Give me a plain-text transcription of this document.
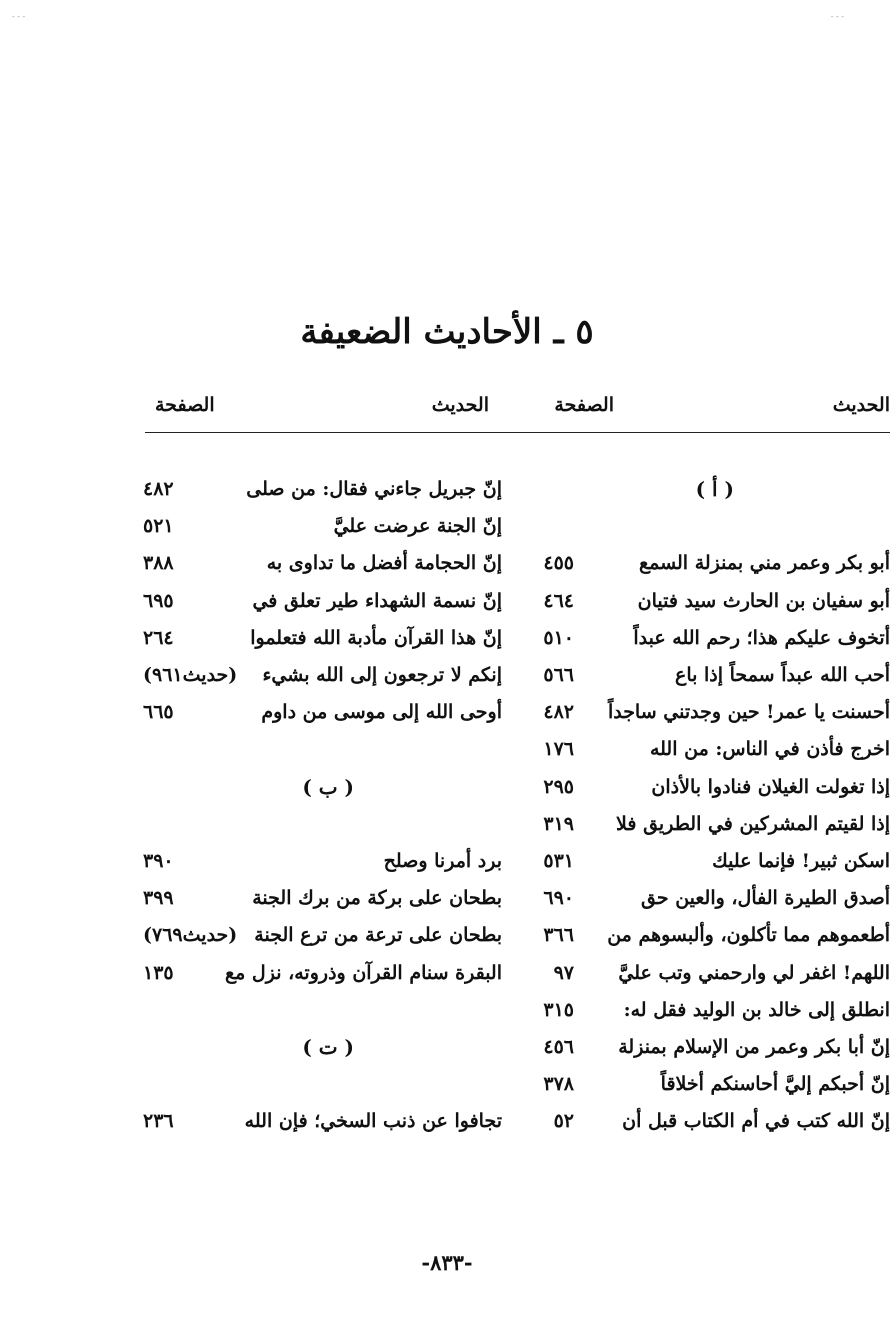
- - -	- - -
٥ ـ الأحاديث الضعيفة
الحديث
الصفحة
الحديث
الصفحة
( أ )
أبو بكر وعمر مني بمنزلة السمع
٤٥٥
أبو سفيان بن الحارث سيد فتيان
٤٦٤
أتخوف عليكم هذا؛ رحم الله عبداً
٥١٠
أحب الله عبداً سمحاً إذا باع
٥٦٦
أحسنت يا عمر! حين وجدتني ساجداً
٤٨٢
اخرج فأذن في الناس: من الله
١٧٦
إذا تغولت الغيلان فنادوا بالأذان
٢٩٥
إذا لقيتم المشركين في الطريق فلا
٣١٩
اسكن ثبير! فإنما عليك
٥٣١
أصدق الطيرة الفأل، والعين حق
٦٩٠
أطعموهم مما تأكلون، وألبسوهم من
٣٦٦
اللهم! اغفر لي وارحمني وتب عليَّ
٩٧
انطلق إلى خالد بن الوليد فقل له:
٣١٥
إنّ أبا بكر وعمر من الإسلام بمنزلة
٤٥٦
إنّ أحبكم إليَّ أحاسنكم أخلاقاً
٣٧٨
إنّ الله كتب في أم الكتاب قبل أن
٥٢
إنّ جبريل جاءني فقال: من صلى
٤٨٢
إنّ الجنة عرضت عليَّ
٥٢١
إنّ الحجامة أفضل ما تداوى به
٣٨٨
إنّ نسمة الشهداء طير تعلق في
٦٩٥
إنّ هذا القرآن مأدبة الله فتعلموا
٢٦٤
إنكم لا ترجعون إلى الله بشيء
(حديث٩٦١)
أوحى الله إلى موسى من داوم
٦٦٥
( ب )
برد أمرنا وصلح
٣٩٠
بطحان على بركة من برك الجنة
٣٩٩
بطحان على ترعة من ترع الجنة
(حديث٧٦٩)
البقرة سنام القرآن وذروته، نزل مع
١٣٥
( ت )
تجافوا عن ذنب السخي؛ فإن الله
٢٣٦
-٨٣٣-
